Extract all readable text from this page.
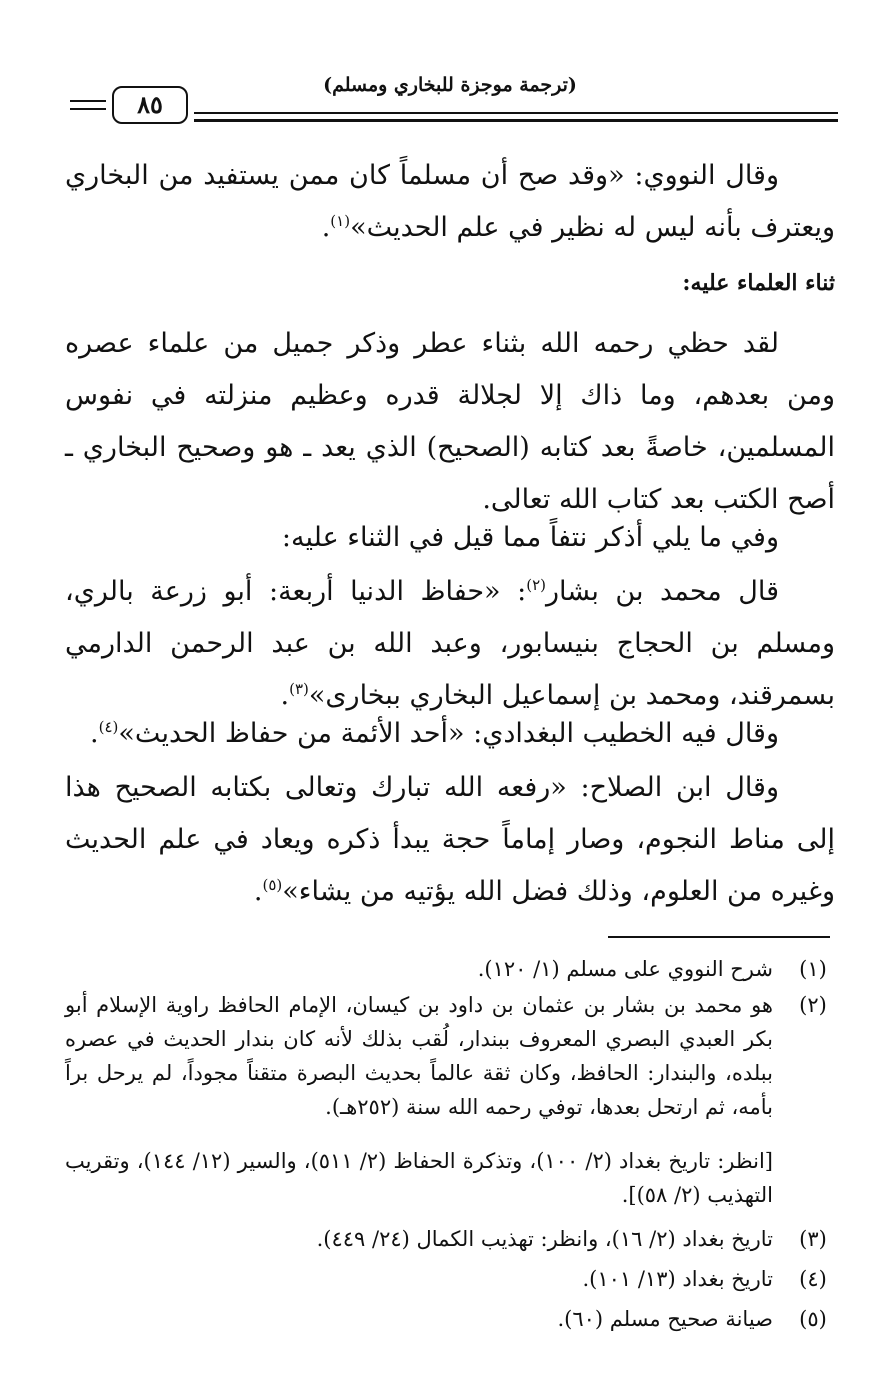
(ترجمة موجزة للبخاري ومسلم)
٨٥
وقال النووي: «وقد صح أن مسلماً كان ممن يستفيد من البخاري ويعترف بأنه ليس له نظير في علم الحديث»$^{(١)}$.
ثناء العلماء عليه:
لقد حظي رحمه الله بثناء عطر وذكر جميل من علماء عصره ومن بعدهم، وما ذاك إلا لجلالة قدره وعظيم منزلته في نفوس المسلمين، خاصةً بعد كتابه (الصحيح) الذي يعد ـ هو وصحيح البخاري ـ أصح الكتب بعد كتاب الله تعالى.
وفي ما يلي أذكر نتفاً مما قيل في الثناء عليه:
قال محمد بن بشار$^{(٢)}$: «حفاظ الدنيا أربعة: أبو زرعة بالري، ومسلم بن الحجاج بنيسابور، وعبد الله بن عبد الرحمن الدارمي بسمرقند، ومحمد بن إسماعيل البخاري ببخارى»$^{(٣)}$.
وقال فيه الخطيب البغدادي: «أحد الأئمة من حفاظ الحديث»$^{(٤)}$.
وقال ابن الصلاح: «رفعه الله تبارك وتعالى بكتابه الصحيح هذا إلى مناط النجوم، وصار إماماً حجة يبدأ ذكره ويعاد في علم الحديث وغيره من العلوم، وذلك فضل الله يؤتيه من يشاء»$^{(٥)}$.
(١)
شرح النووي على مسلم (١/ ١٢٠).
(٢)
هو محمد بن بشار بن عثمان بن داود بن كيسان، الإمام الحافظ راوية الإسلام أبو بكر العبدي البصري المعروف ببندار، لُقب بذلك لأنه كان بندار الحديث في عصره ببلده، والبندار: الحافظ، وكان ثقة عالماً بحديث البصرة متقناً مجوداً، لم يرحل براً بأمه، ثم ارتحل بعدها، توفي رحمه الله سنة (٢٥٢هـ).
[انظر: تاريخ بغداد (٢/ ١٠٠)، وتذكرة الحفاظ (٢/ ٥١١)، والسير (١٢/ ١٤٤)، وتقريب التهذيب (٢/ ٥٨)].
(٣)
تاريخ بغداد (٢/ ١٦)، وانظر: تهذيب الكمال (٢٤/ ٤٤٩).
(٤)
تاريخ بغداد (١٣/ ١٠١).
(٥)
صيانة صحيح مسلم (٦٠).
